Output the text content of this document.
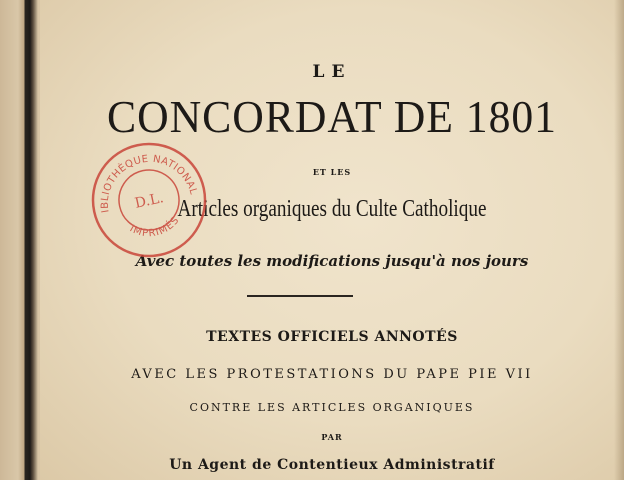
LE
CONCORDAT DE 1801
ET LES
Articles organiques du Culte Catholique
Avec toutes les modifications jusqu'à nos jours
TEXTES OFFICIELS ANNOTÉS
AVEC LES PROTESTATIONS DU PAPE PIE VII
CONTRE LES ARTICLES ORGANIQUES
PAR
Un Agent de Contentieux Administratif
BIBLIOTHÈQUE NATIONALE
IMPRIMÉS
D.L.
